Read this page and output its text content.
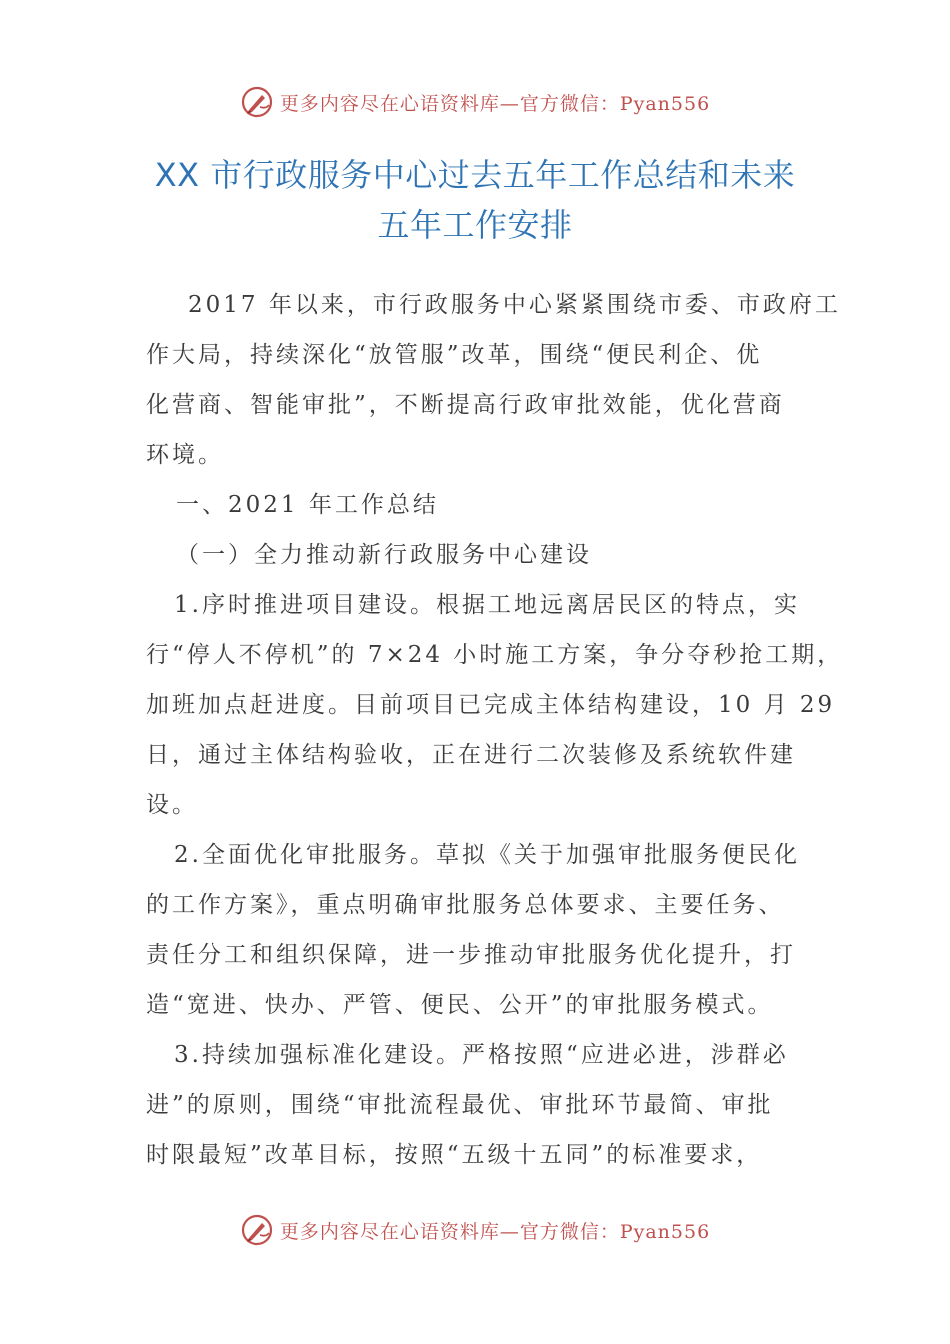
更多内容尽在心语资料库—官方微信：Pyan556
XX 市行政服务中心过去五年工作总结和未来
五年工作安排
2017 年以来，市行政服务中心紧紧围绕市委、市政府工
作大局，持续深化“放管服”改革，围绕“便民利企、优
化营商、智能审批”，不断提高行政审批效能，优化营商
环境。
一、2021 年工作总结
（一）全力推动新行政服务中心建设
1.序时推进项目建设。根据工地远离居民区的特点，实
行“停人不停机”的 7×24 小时施工方案，争分夺秒抢工期，
加班加点赶进度。目前项目已完成主体结构建设，10 月 29
日，通过主体结构验收，正在进行二次装修及系统软件建
设。
2.全面优化审批服务。草拟《关于加强审批服务便民化
的工作方案》，重点明确审批服务总体要求、主要任务、
责任分工和组织保障，进一步推动审批服务优化提升，打
造“宽进、快办、严管、便民、公开”的审批服务模式。
3.持续加强标准化建设。严格按照“应进必进，涉群必
进”的原则，围绕“审批流程最优、审批环节最简、审批
时限最短”改革目标，按照“五级十五同”的标准要求，
更多内容尽在心语资料库—官方微信：Pyan556
